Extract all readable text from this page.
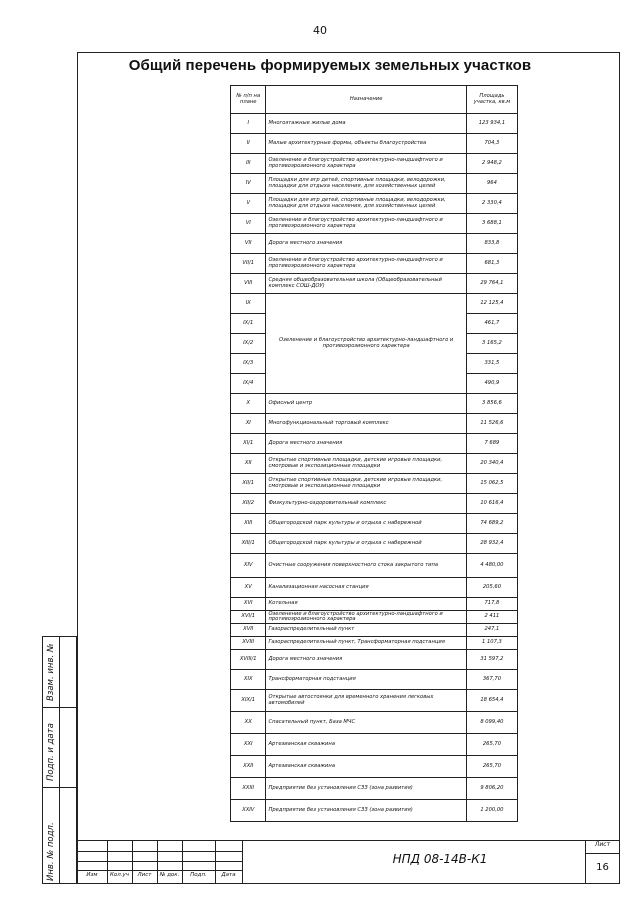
40
Общий перечень формируемых земельных участков
№ п/п на плане	Назначение	Площадь участка, кв.м
I	Многоэтажные жилые дома	123 934,1
II	Малые архитектурные формы, объекты благоустройства	704,3
III	Озеленение и благоустройство архитектурно-ландшафтного и противоэрозионного характера	2 948,2
IV	Площадки для игр детей, спортивные площадки, велодорожки, площадки для отдыха населения, для хозяйственных целей	964
V	Площадки для игр детей, спортивные площадки, велодорожки, площадки для отдыха населения, для хозяйственных целей	2 330,4
VI	Озеленение и благоустройство архитектурно-ландшафтного и противоэрозионного характера	3 688,1
VII	Дорога местного значения	833,8
VII/1	Озеленение и благоустройство архитектурно-ландшафтного и противоэрозионного характера	681,3
VIII	Средняя общеобразовательная школа (Общеобразовательный комплекс СОШ-ДОУ)	29 764,1
IX	Озеленение и благоустройство архитектурно-ландшафтного и противоэрозионного характера	12 125,4
IX/1		461,7
IX/2		3 165,2
IX/3		331,5
IX/4		490,9
X	Офисный центр	3 856,6
XI	Многофункциональный торговый комплекс	11 526,6
XI/1	Дорога местного значения	7 689
XII	Открытые спортивные площадки, детские игровые площадки, смотровые и экспозиционные площадки	20 340,4
XII/1	Открытые спортивные площадки, детские игровые площадки, смотровые и экспозиционные площадки	15 062,5
XII/2	Физкультурно-оздоровительный комплекс	10 616,4
XIII	Общегородской парк культуры и отдыха с набережной	74 689,2
XIII/1	Общегородской парк культуры и отдыха с набережной	28 932,4
XIV	Очистные сооружения поверхностного стока закрытого типа	4 480,00
XV	Канализационная насосная станция	205,60
XVI	Котельная	717,8
XVI/1	Озеленение и благоустройство архитектурно-ландшафтного и противоэрозионного характера	2 411
XVII	Газораспределительный пункт	247,1
XVIII	Газораспределительный пункт, Трансформаторная подстанция	1 107,3
XVIII/1	Дорога местного значения	31 597,2
XIX	Трансформаторная подстанция	367,70
XIX/1	Открытые автостоянки для временного хранения легковых автомобилей	18 654,4
XX	Спасательный пункт, База МЧС	8 099,40
XXI	Артезианская скважина	265,70
XXII	Артезианская скважина	265,70
XXIII	Предприятие без установления СЗЗ (зона развития)	9 806,20
XXIV	Предприятие без установления СЗЗ (зона развития)	1 200,00
Взам. инв. №
Подп. и дата
Инв. № подл.	Изм	Кол.уч	Лист	№ док.	Подп.	Дата
НПД 08-14В-К1
Лист
16
